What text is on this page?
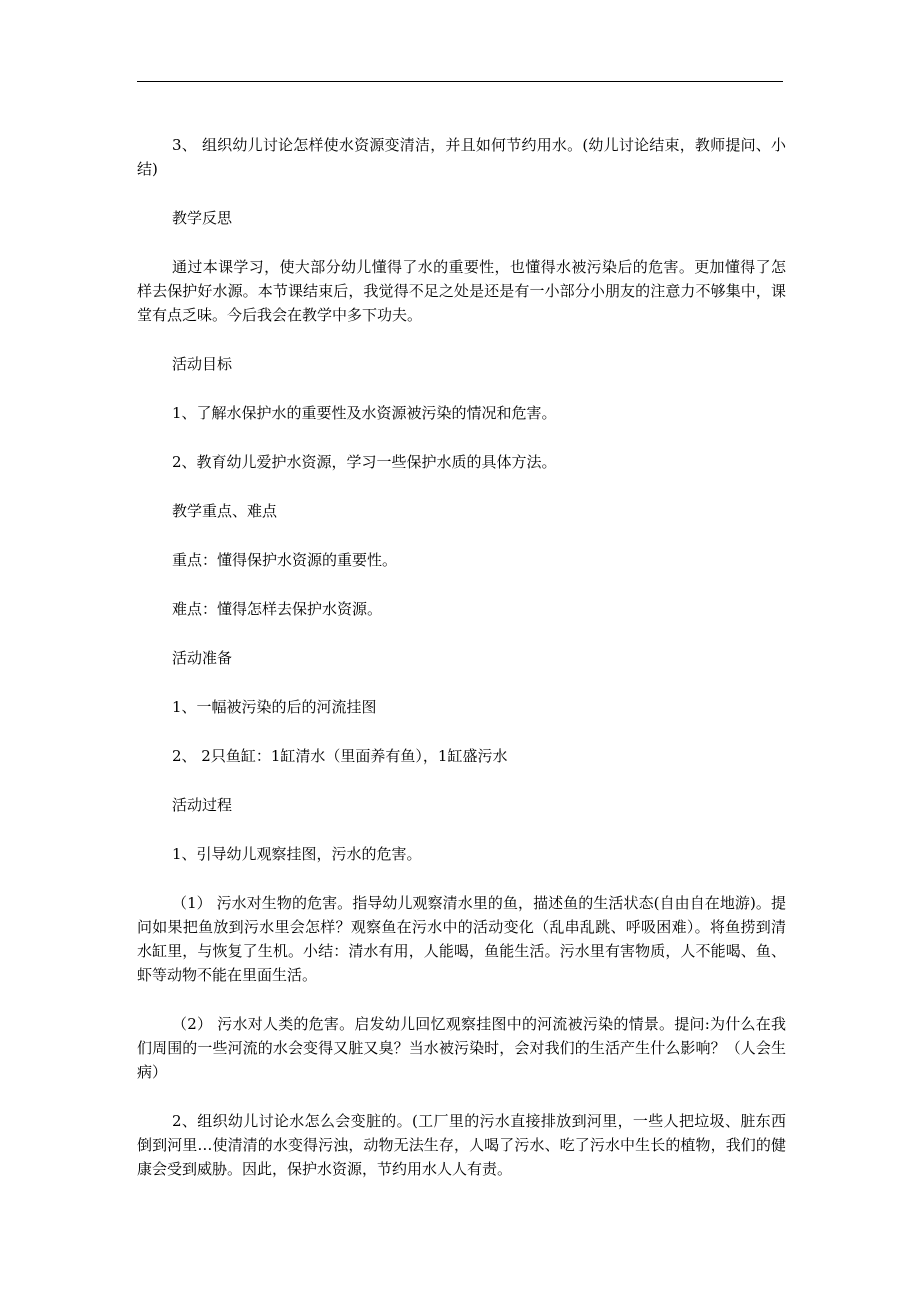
3、 组织幼儿讨论怎样使水资源变清洁，并且如何节约用水。(幼儿讨论结束，教师提问、小结)

教学反思

通过本课学习，使大部分幼儿懂得了水的重要性，也懂得水被污染后的危害。更加懂得了怎样去保护好水源。本节课结束后，我觉得不足之处是还是有一小部分小朋友的注意力不够集中，课堂有点乏味。今后我会在教学中多下功夫。

活动目标

1、了解水保护水的重要性及水资源被污染的情况和危害。

2、教育幼儿爱护水资源，学习一些保护水质的具体方法。

教学重点、难点

重点：懂得保护水资源的重要性。

难点：懂得怎样去保护水资源。

活动准备

1、一幅被污染的后的河流挂图

2、 2只鱼缸：1缸清水（里面养有鱼），1缸盛污水

活动过程

1、引导幼儿观察挂图，污水的危害。

（1） 污水对生物的危害。指导幼儿观察清水里的鱼，描述鱼的生活状态(自由自在地游)。提问如果把鱼放到污水里会怎样？观察鱼在污水中的活动变化（乱串乱跳、呼吸困难）。将鱼捞到清水缸里，与恢复了生机。小结：清水有用，人能喝，鱼能生活。污水里有害物质，人不能喝、鱼、虾等动物不能在里面生活。

（2） 污水对人类的危害。启发幼儿回忆观察挂图中的河流被污染的情景。提问:为什么在我们周围的一些河流的水会变得又脏又臭？当水被污染时，会对我们的生活产生什么影响？（人会生病）

2、组织幼儿讨论水怎么会变脏的。(工厂里的污水直接排放到河里，一些人把垃圾、脏东西倒到河里…使清清的水变得污浊，动物无法生存，人喝了污水、吃了污水中生长的植物，我们的健康会受到威胁。因此，保护水资源，节约用水人人有责。
